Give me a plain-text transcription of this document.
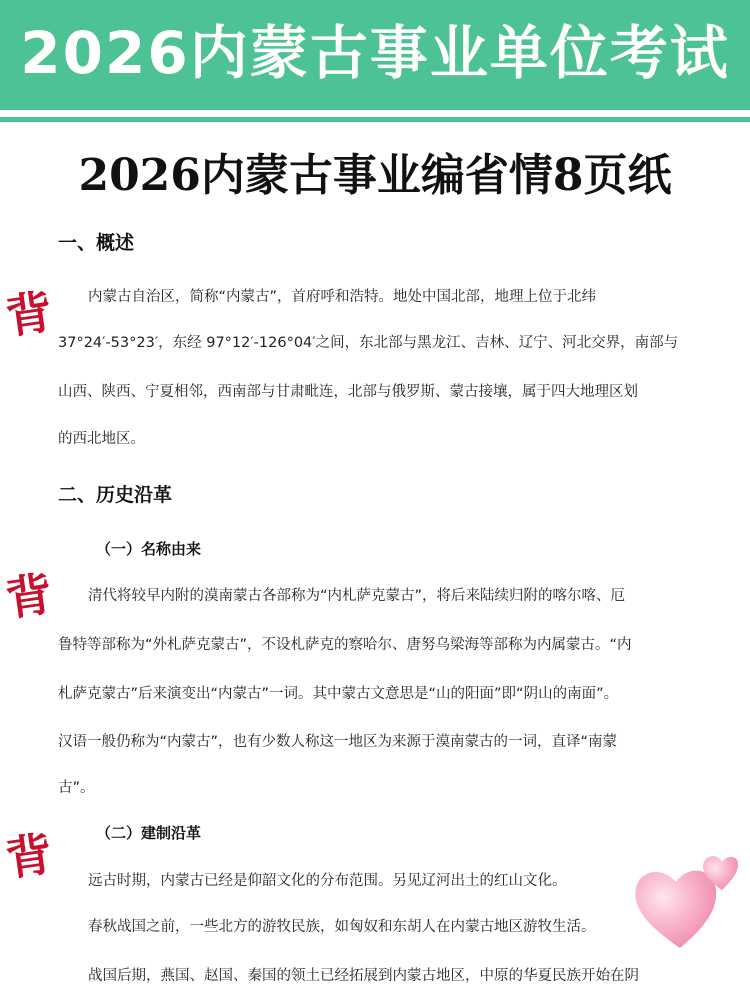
2026内蒙古事业单位考试
2026内蒙古事业编省情8页纸
一、概述
背	内蒙古自治区，简称“内蒙古”，首府呼和浩特。地处中国北部，地理上位于北纬
37°24′-53°23′，东经 97°12′-126°04′之间，东北部与黑龙江、吉林、辽宁、河北交界，南部与
山西、陕西、宁夏相邻，西南部与甘肃毗连，北部与俄罗斯、蒙古接壤，属于四大地理区划
的西北地区。
二、历史沿革
（一）名称由来
背	清代将较早内附的漠南蒙古各部称为“内札萨克蒙古”，将后来陆续归附的喀尔喀、厄
鲁特等部称为“外札萨克蒙古”，不设札萨克的察哈尔、唐努乌梁海等部称为内属蒙古。“内
札萨克蒙古”后来演变出“内蒙古”一词。其中蒙古文意思是“山的阳面”即“阴山的南面”。
汉语一般仍称为“内蒙古”，也有少数人称这一地区为来源于漠南蒙古的一词，直译“南蒙
古”。
（二）建制沿革
背	远古时期，内蒙古已经是仰韶文化的分布范围。另见辽河出土的红山文化。
春秋战国之前，一些北方的游牧民族，如匈奴和东胡人在内蒙古地区游牧生活。
战国后期，燕国、赵国、秦国的领土已经拓展到内蒙古地区，中原的华夏民族开始在阴
